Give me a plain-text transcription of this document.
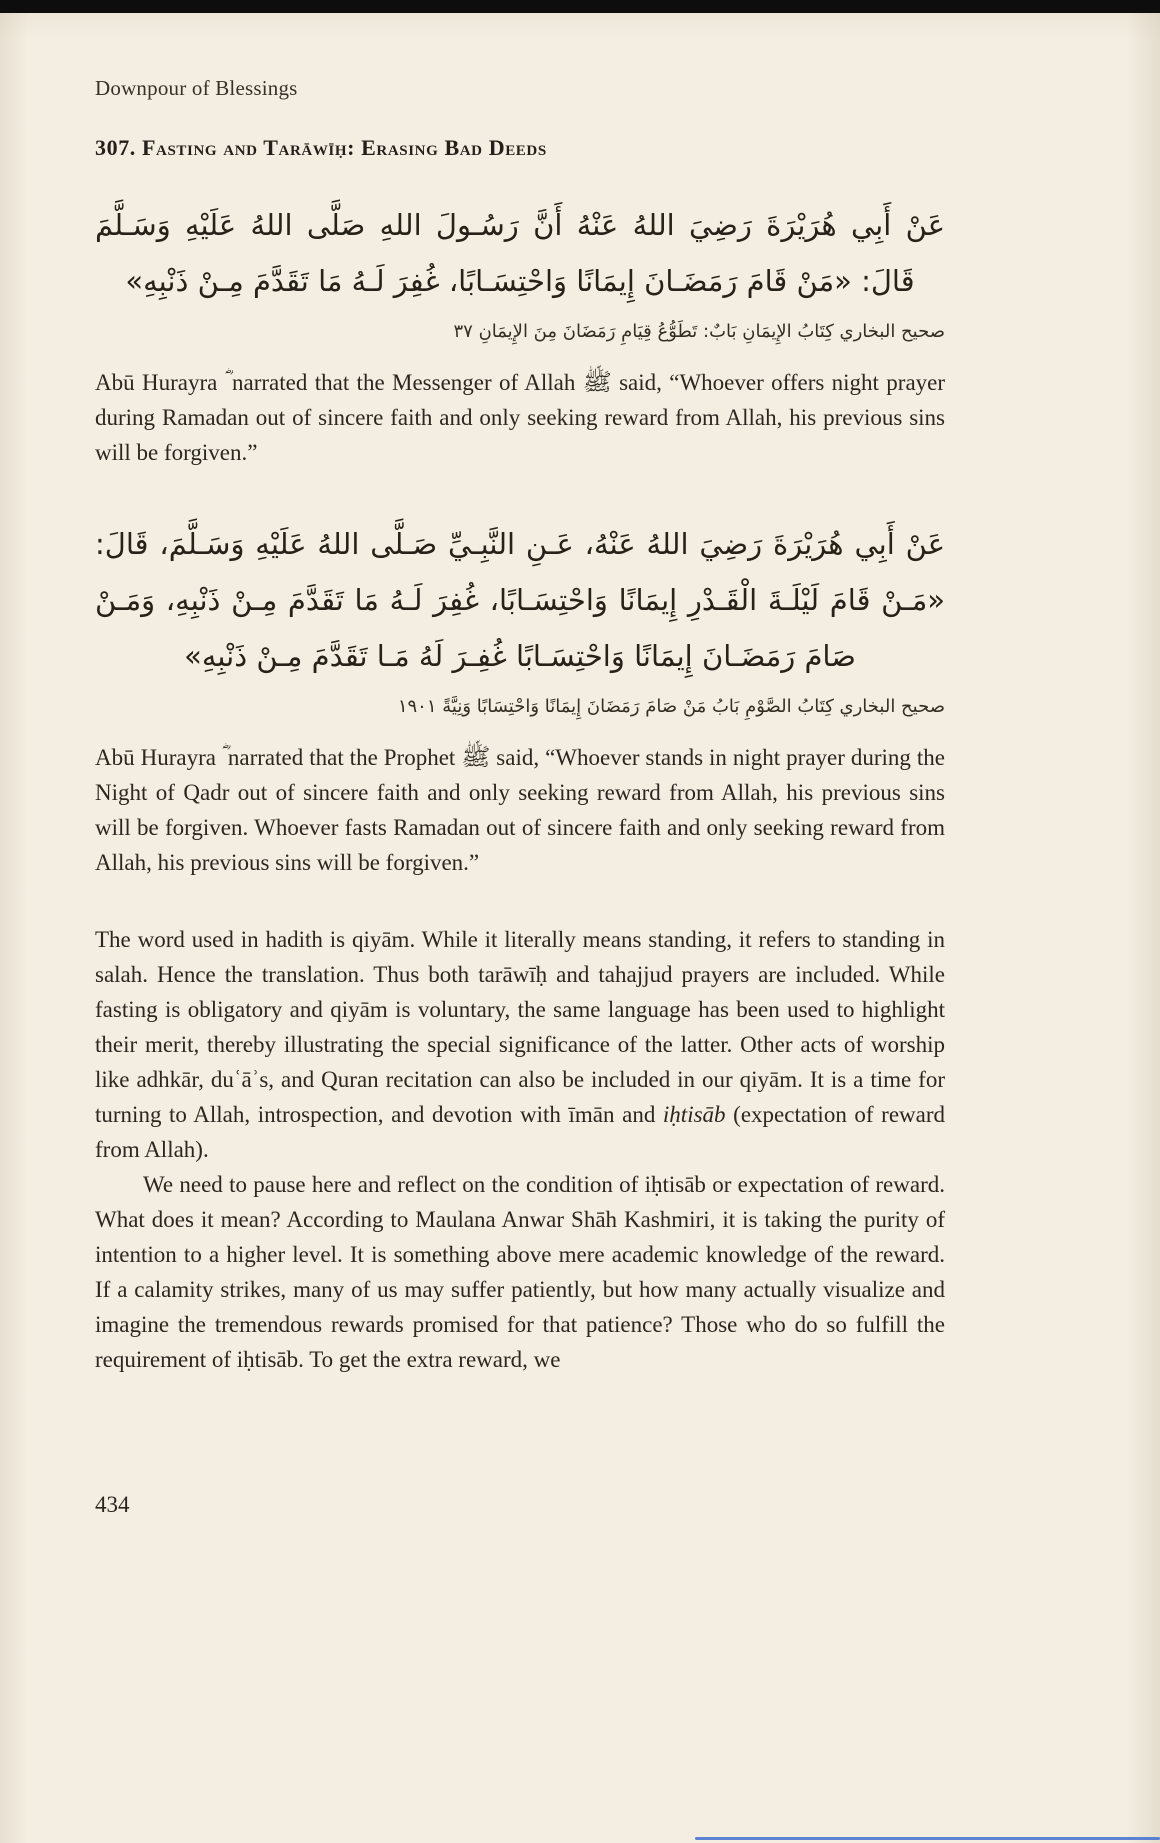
Downpour of Blessings
307. Fasting and Tarāwīḥ: Erasing Bad Deeds
عَنْ أَبِي هُرَيْرَةَ رَضِيَ اللهُ عَنْهُ أَنَّ رَسُـولَ اللهِ صَلَّى اللهُ عَلَيْهِ وَسَـلَّمَ قَالَ: «مَنْ قَامَ رَمَضَـانَ إِيمَانًا وَاحْتِسَـابًا، غُفِرَ لَـهُ مَا تَقَدَّمَ مِـنْ ذَنْبِهِ»
صحيح البخاري كِتَابُ الإِيمَانِ بَابٌ: تَطَوُّعُ قِيَامِ رَمَضَانَ مِنَ الإِيمَانِ ٣٧

Abū Hurayra narrated that the Messenger of Allah ﷺ said, “Whoever offers night prayer during Ramadan out of sincere faith and only seeking reward from Allah, his previous sins will be forgiven.”

عَنْ أَبِي هُرَيْرَةَ رَضِيَ اللهُ عَنْهُ، عَـنِ النَّبِـيِّ صَـلَّى اللهُ عَلَيْهِ وَسَـلَّمَ، قَالَ: «مَـنْ قَامَ لَيْلَـةَ الْقَـدْرِ إِيمَانًا وَاحْتِسَـابًا، غُفِرَ لَـهُ مَا تَقَدَّمَ مِـنْ ذَنْبِهِ، وَمَـنْ صَامَ رَمَضَـانَ إِيمَانًا وَاحْتِسَـابًا غُفِـرَ لَهُ مَـا تَقَدَّمَ مِـنْ ذَنْبِهِ»
صحيح البخاري كِتَابُ الصَّوْمِ بَابُ مَنْ صَامَ رَمَضَانَ إِيمَانًا وَاحْتِسَابًا وَنِيَّةً ١٩٠١

Abū Hurayra narrated that the Prophet ﷺ said, “Whoever stands in night prayer during the Night of Qadr out of sincere faith and only seeking reward from Allah, his previous sins will be forgiven. Whoever fasts Ramadan out of sincere faith and only seeking reward from Allah, his previous sins will be forgiven.”

The word used in hadith is qiyām. While it literally means standing, it refers to standing in salah. Hence the translation. Thus both tarāwīḥ and tahajjud prayers are included. While fasting is obligatory and qiyām is voluntary, the same language has been used to highlight their merit, thereby illustrating the special significance of the latter. Other acts of worship like adhkār, duʿāʾs, and Quran recitation can also be included in our qiyām. It is a time for turning to Allah, introspection, and devotion with īmān and iḥtisāb (expectation of reward from Allah).

We need to pause here and reflect on the condition of iḥtisāb or expectation of reward. What does it mean? According to Maulana Anwar Shāh Kashmiri, it is taking the purity of intention to a higher level. It is something above mere academic knowledge of the reward. If a calamity strikes, many of us may suffer patiently, but how many actually visualize and imagine the tremendous rewards promised for that patience? Those who do so fulfill the requirement of iḥtisāb. To get the extra reward, we

434
